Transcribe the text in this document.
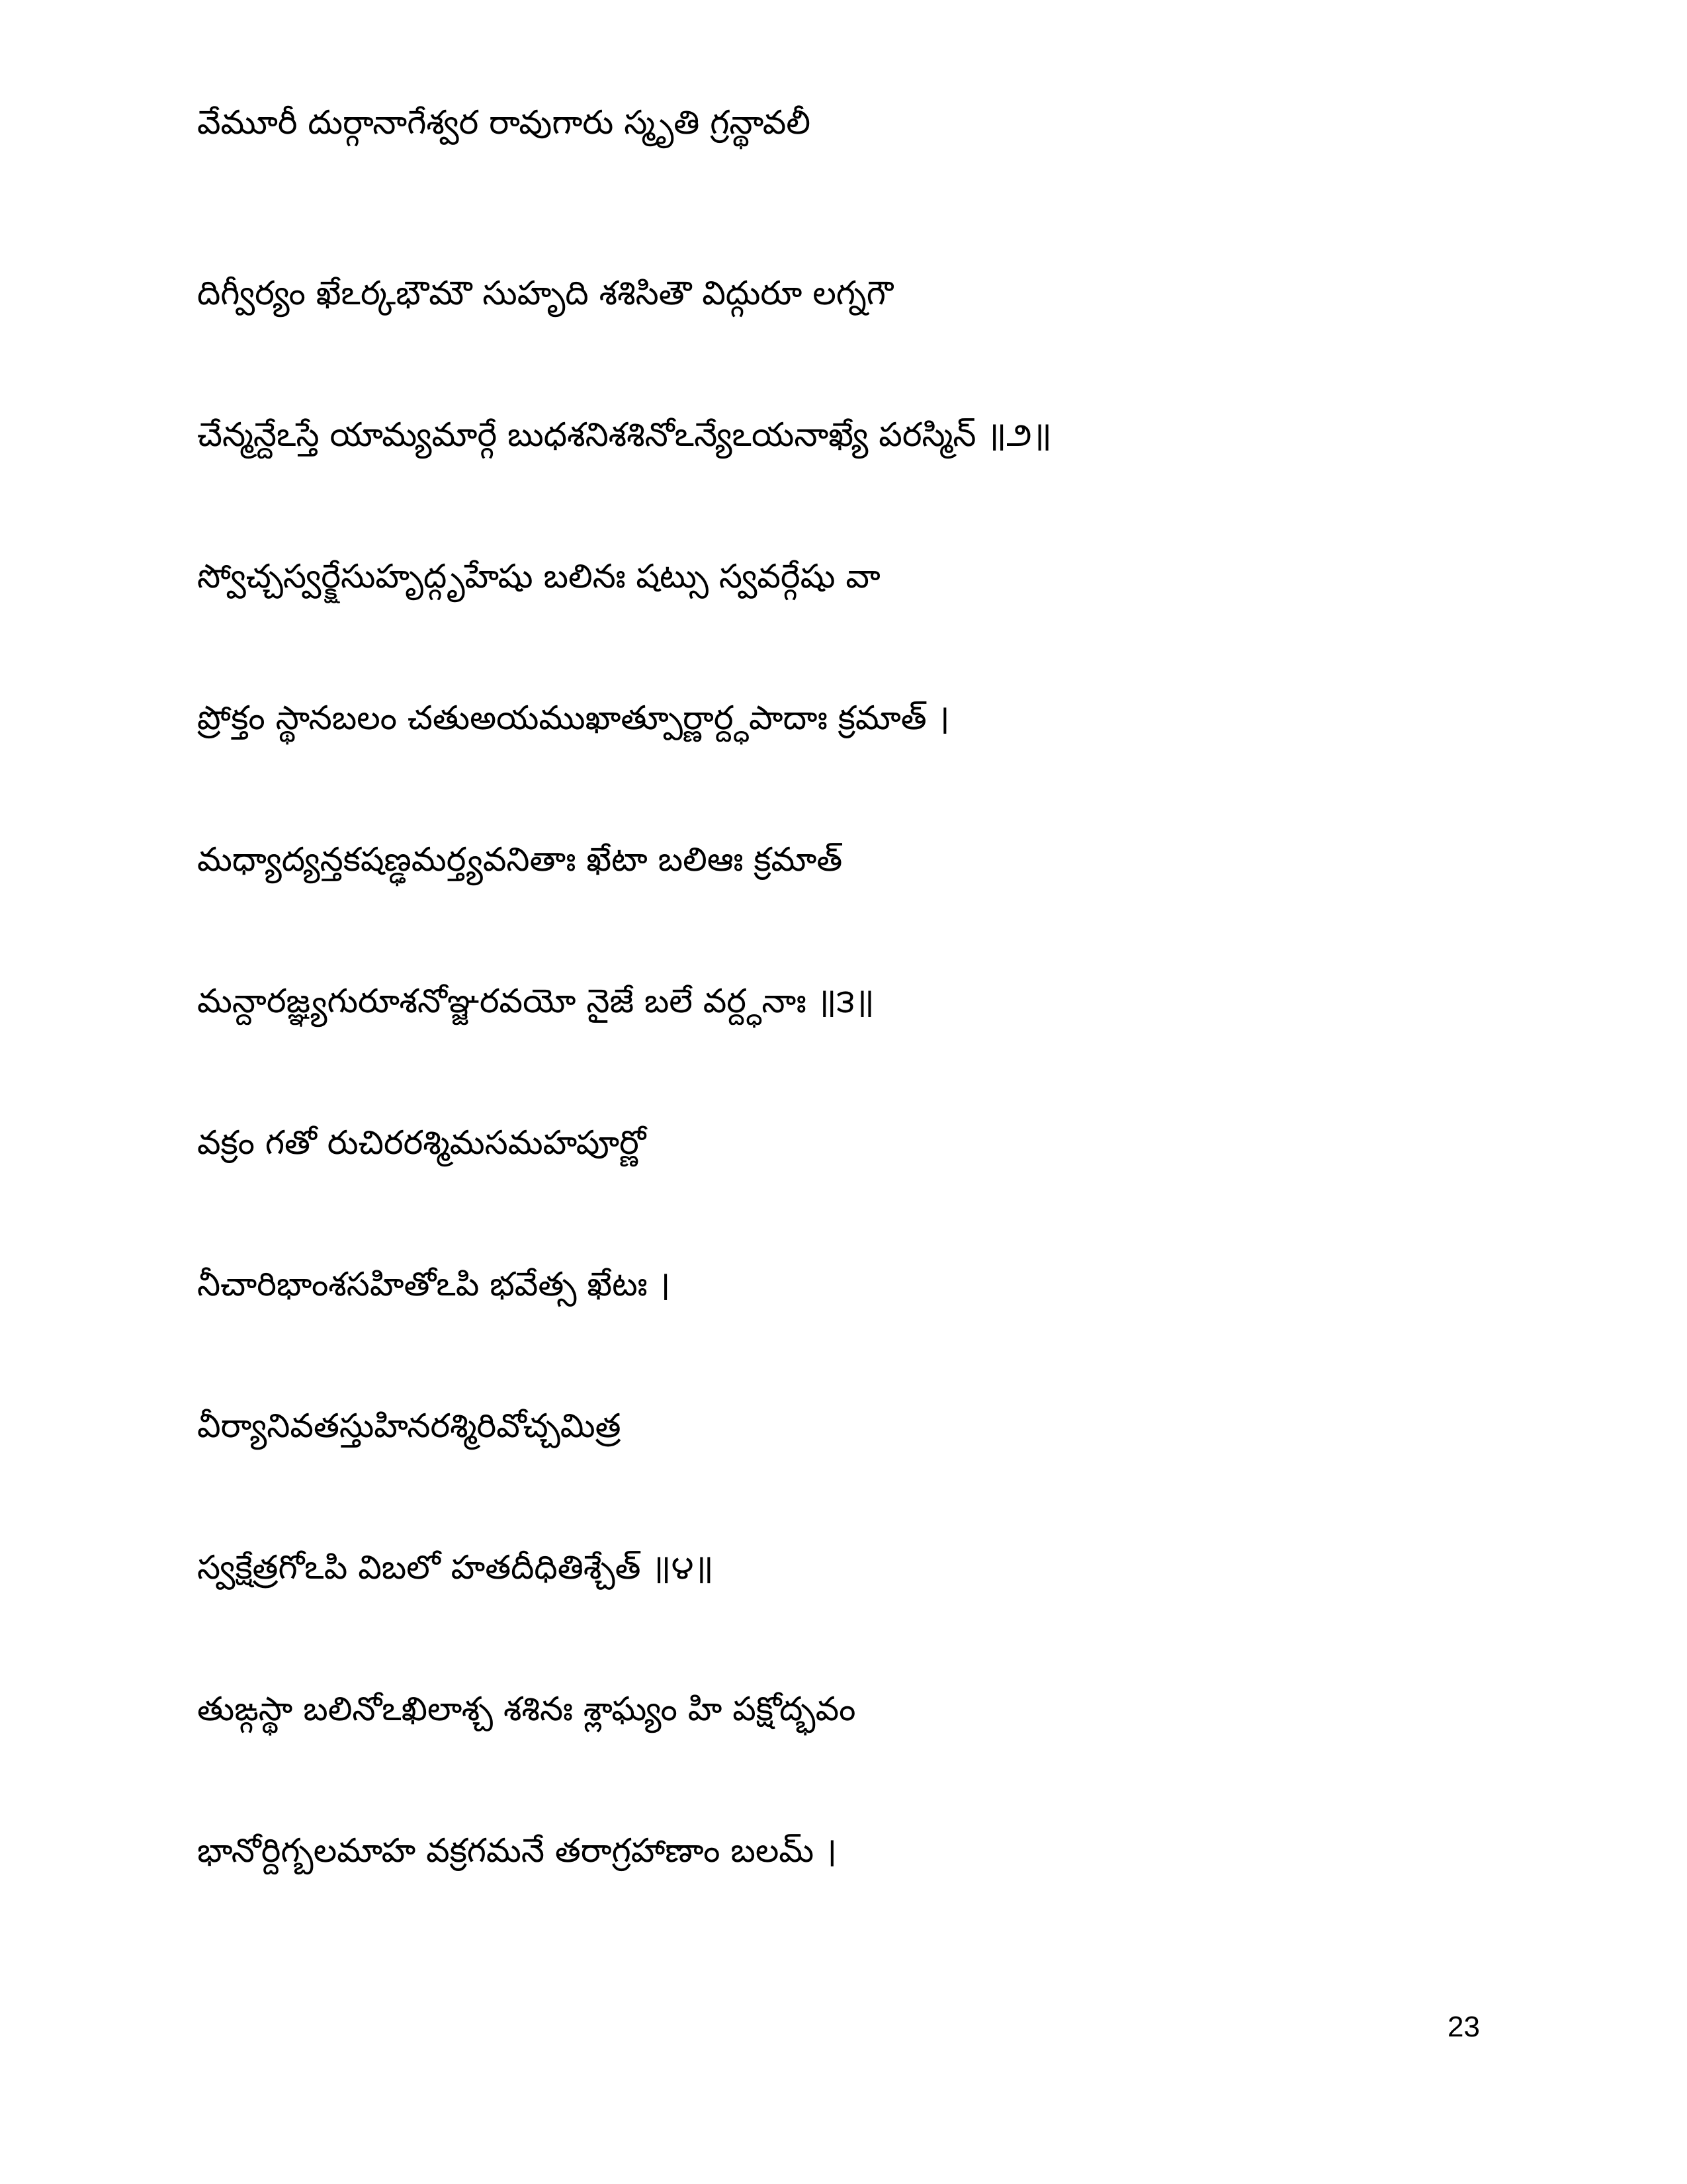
వేమూరీ దుర్గానాగేశ్వర రావుగారు స్మృతి గ్రన్థావలీ
దిగ్వీర్యం ఖేఽర్కభౌమౌ సుహృది శశిసితౌ విద్గురూ లగ్నగౌ
చేన్మన్దేఽస్తే యామ్యమార్గే బుధశనిశశినోఽన్యేఽయనాఖ్యే పరస్మిన్ ॥౨॥
స్వోచ్చస్వర్క్షేసుహృద్గృహేషు బలినః షట్సు స్వవర్గేషు వా
ప్రోక్తం స్థానబలం చతుఅయముఖాత్పూర్ణార్ద్ధపాదాః క్రమాత్ ।
మధ్యాద్యన్తకషణ్ఢమర్త్యవనితాః ఖేటా బలిఆః క్రమాత్
మన్దారజ్ఞ్యగురూశనోఞ్జరవయో నైజే బలే వర్ద్ధనాః ॥౩॥
వక్రం గతో రుచిరరశ్మిమసమహపూర్ణో
నీచారిభాంశసహితోఽపి భవేత్స ఖేటః ।
వీర్యానివతస్తుహినరశ్మిరివోచ్చమిత్ర
స్వక్షేత్రగోఽపి విబలో హతదీధితిశ్చేత్ ॥౪॥
తుఙ్గస్థా బలినోఽఖిలాశ్చ శశినః శ్లాఘ్యం హి పక్షోద్భవం
భానోర్దిగ్బలమాహ వక్రగమనే తరాగ్రహాణాం బలమ్ ।
23
